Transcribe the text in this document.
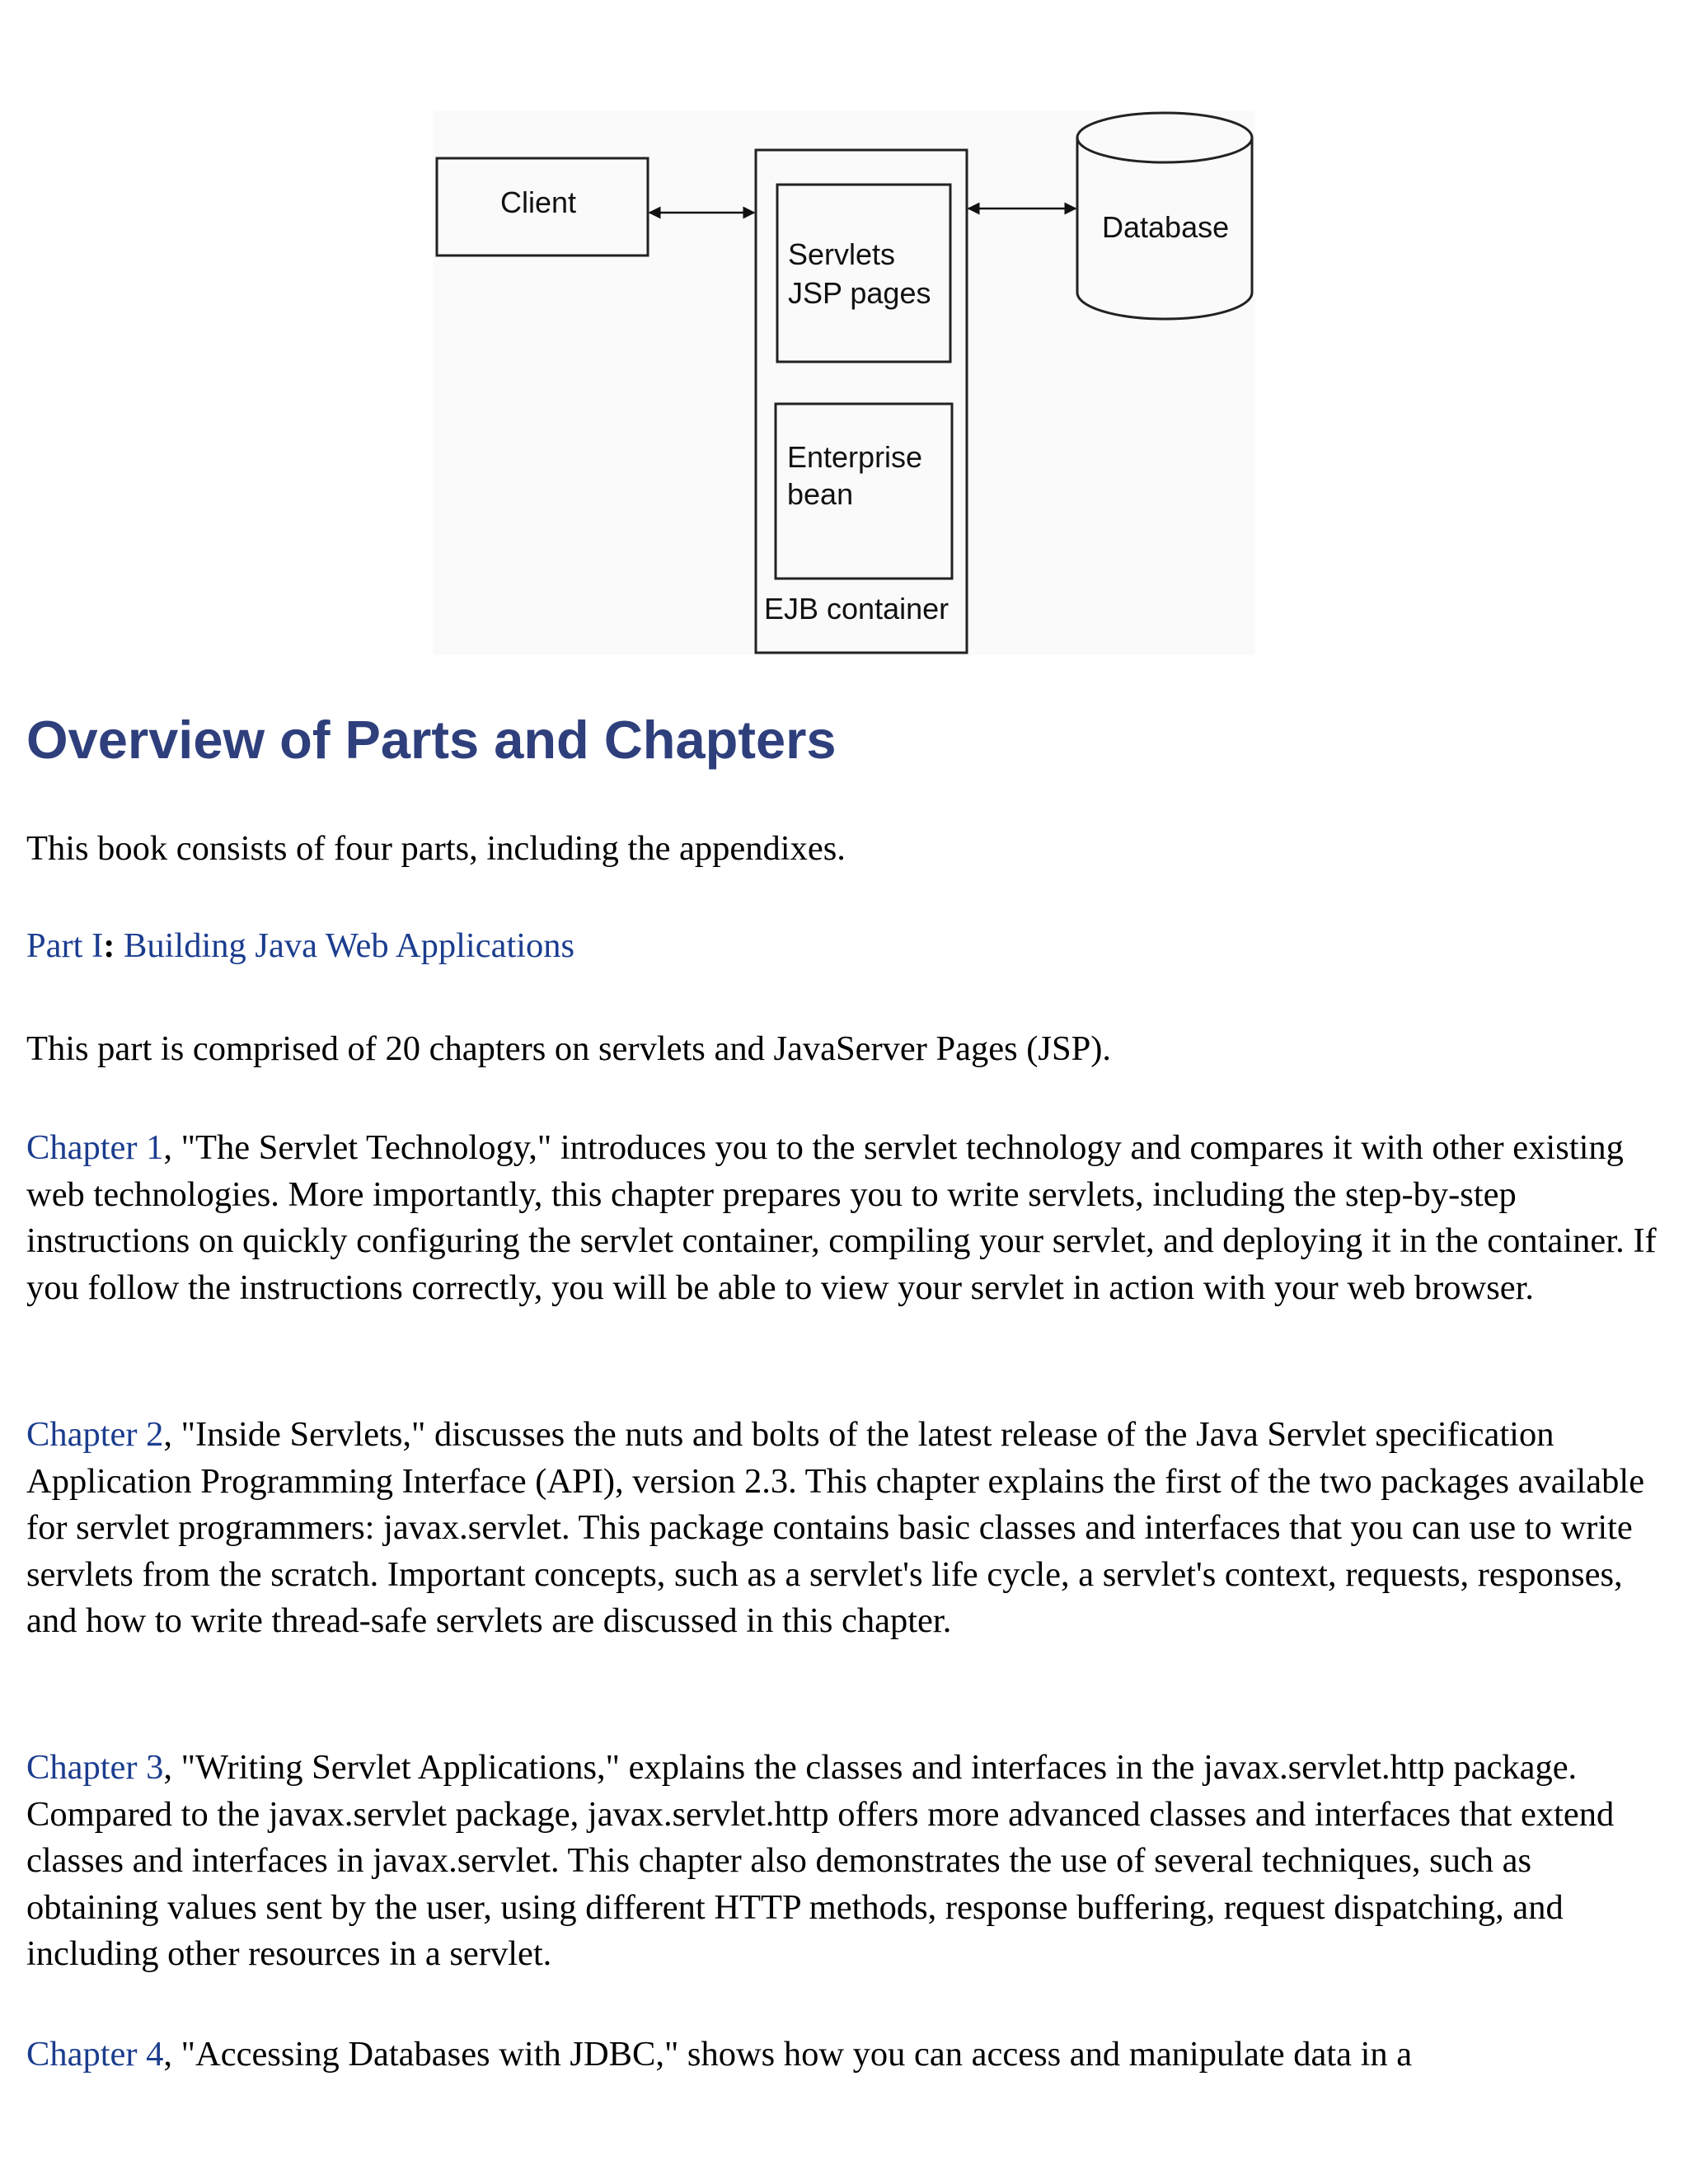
Client
Servlets
JSP pages
Enterprise
bean
EJB container
Database
Overview of Parts and Chapters

This book consists of four parts, including the appendixes.

Part I: Building Java Web Applications

This part is comprised of 20 chapters on servlets and JavaServer Pages (JSP).

Chapter 1, "The Servlet Technology," introduces you to the servlet technology and compares it with other existing web technologies. More importantly, this chapter prepares you to write servlets, including the step-by-step instructions on quickly configuring the servlet container, compiling your servlet, and deploying it in the container. If you follow the instructions correctly, you will be able to view your servlet in action with your web browser.

Chapter 2, "Inside Servlets," discusses the nuts and bolts of the latest release of the Java Servlet specification Application Programming Interface (API), version 2.3. This chapter explains the first of the two packages available for servlet programmers: javax.servlet. This package contains basic classes and interfaces that you can use to write servlets from the scratch. Important concepts, such as a servlet's life cycle, a servlet's context, requests, responses, and how to write thread-safe servlets are discussed in this chapter.

Chapter 3, "Writing Servlet Applications," explains the classes and interfaces in the javax.servlet.http package. Compared to the javax.servlet package, javax.servlet.http offers more advanced classes and interfaces that extend classes and interfaces in javax.servlet. This chapter also demonstrates the use of several techniques, such as obtaining values sent by the user, using different HTTP methods, response buffering, request dispatching, and including other resources in a servlet.

Chapter 4, "Accessing Databases with JDBC," shows how you can access and manipulate data in a
